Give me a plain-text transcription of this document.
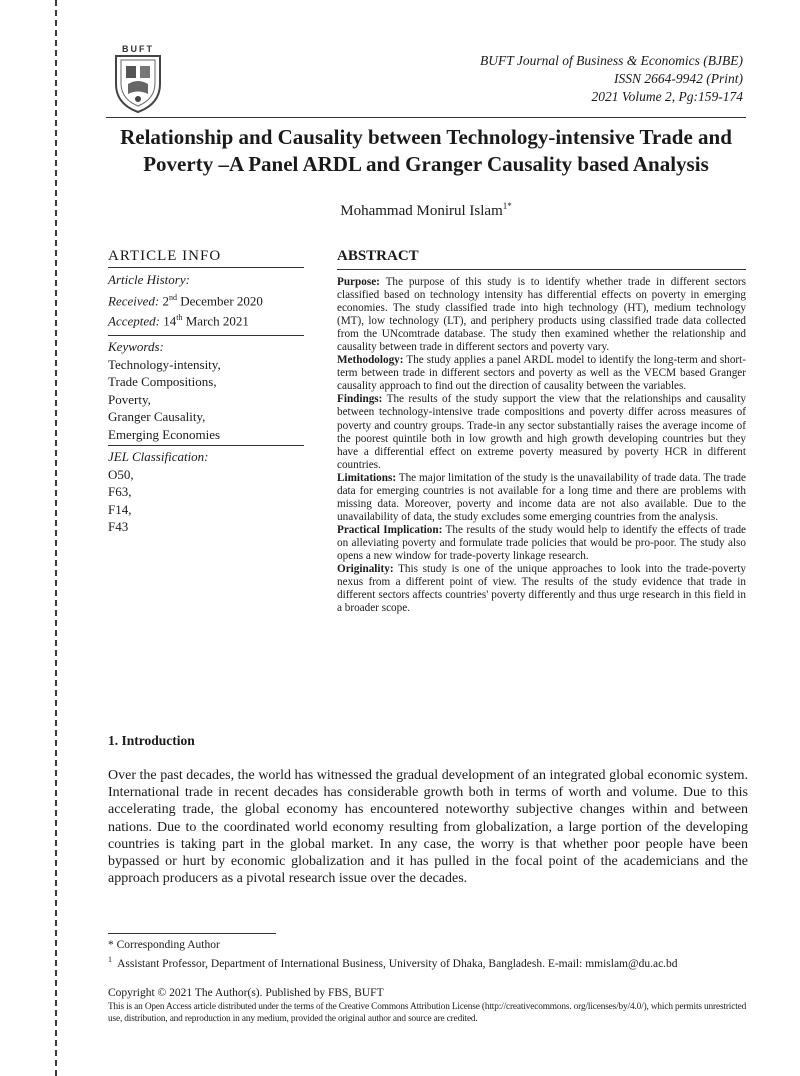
BUFT
BUFT Journal of Business & Economics (BJBE)
ISSN 2664-9942 (Print)
2021 Volume 2, Pg:159-174
Relationship and Causality between Technology-intensive Trade and
Poverty –A Panel ARDL and Granger Causality based Analysis
Mohammad Monirul Islam$^{1*}$
ARTICLE INFO
Article History:
Received: 2nd December 2020
Accepted: 14th March 2021
Keywords:
Technology-intensity,
Trade Compositions,
Poverty,
Granger Causality,
Emerging Economies
JEL Classification:
O50,
F63,
F14,
F43
ABSTRACT

Purpose: The purpose of this study is to identify whether trade in different sectors classified based on technology intensity has differential effects on poverty in emerging economies. The study classified trade into high technology (HT), medium technology (MT), low technology (LT), and periphery products using classified trade data collected from the UNcomtrade database. The study then examined whether the relationship and causality between trade in different sectors and poverty vary.

Methodology: The study applies a panel ARDL model to identify the long-term and short-term between trade in different sectors and poverty as well as the VECM based Granger causality approach to find out the direction of causality between the variables.

Findings: The results of the study support the view that the relationships and causality between technology-intensive trade compositions and poverty differ across measures of poverty and country groups. Trade-in any sector substantially raises the average income of the poorest quintile both in low growth and high growth developing countries but they have a differential effect on extreme poverty measured by poverty HCR in different countries.

Limitations: The major limitation of the study is the unavailability of trade data. The trade data for emerging countries is not available for a long time and there are problems with missing data. Moreover, poverty and income data are not also available. Due to the unavailability of data, the study excludes some emerging countries from the analysis.

Practical Implication: The results of the study would help to identify the effects of trade on alleviating poverty and formulate trade policies that would be pro-poor. The study also opens a new window for trade-poverty linkage research.

Originality: This study is one of the unique approaches to look into the trade-poverty nexus from a different point of view. The results of the study evidence that trade in different sectors affects countries' poverty differently and thus urge research in this field in a broader scope.

1. Introduction

Over the past decades, the world has witnessed the gradual development of an integrated global economic system. International trade in recent decades has considerable growth both in terms of worth and volume. Due to this accelerating trade, the global economy has encountered noteworthy subjective changes within and between nations. Due to the coordinated world economy resulting from globalization, a large portion of the developing countries is taking part in the global market. In any case, the worry is that whether poor people have been bypassed or hurt by economic globalization and it has pulled in the focal point of the academicians and the approach producers as a pivotal research issue over the decades.

* Corresponding Author
$^1$ Assistant Professor, Department of International Business, University of Dhaka, Bangladesh. E-mail: mmislam@du.ac.bd
Copyright © 2021 The Author(s). Published by FBS, BUFT
This is an Open Access article distributed under the terms of the Creative Commons Attribution License (http://creativecommons. org/licenses/by/4.0/), which permits unrestricted use, distribution, and reproduction in any medium, provided the original author and source are credited.
